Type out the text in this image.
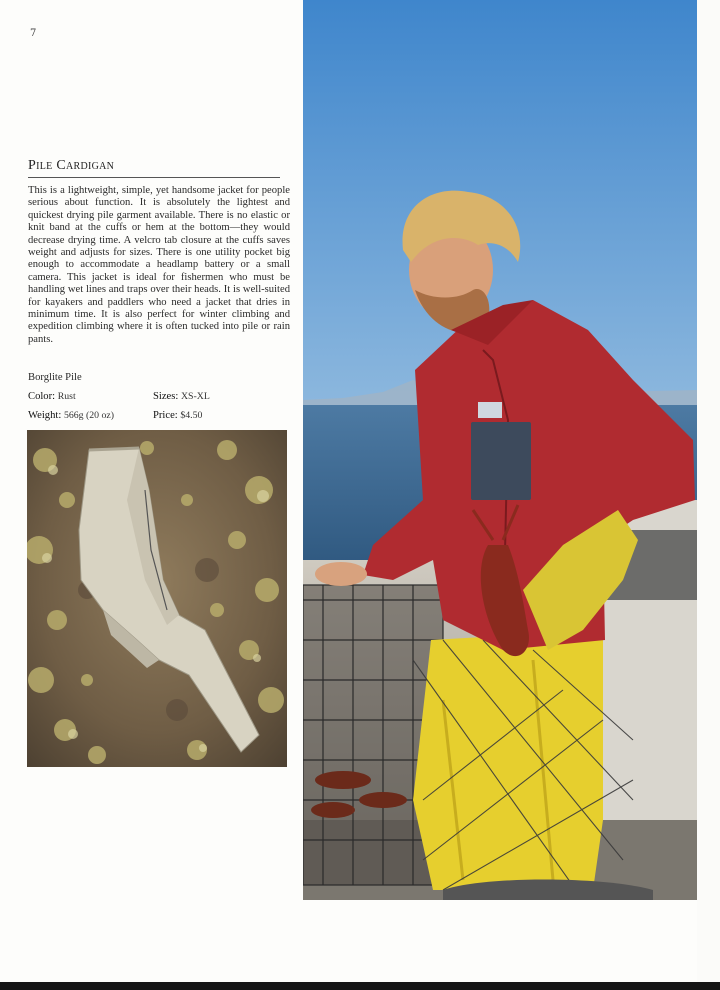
7
Pile Cardigan

This is a lightweight, simple, yet handsome jacket for people serious about function. It is absolutely the lightest and quickest drying pile garment available. There is no elastic or knit band at the cuffs or hem at the bottom—they would decrease drying time. A velcro tab closure at the cuffs saves weight and adjusts for sizes. There is one utility pocket big enough to accommodate a headlamp battery or a small camera. This jacket is ideal for fishermen who must be handling wet lines and traps over their heads. It is well-suited for kayakers and paddlers who need a jacket that dries in minimum time. It is also perfect for winter climbing and expedition climbing where it is often tucked into pile or rain pants.

Borglite Pile
Color: Rust	Sizes: XS-XL
Weight: 566g (20 oz)	Price: $4.50
